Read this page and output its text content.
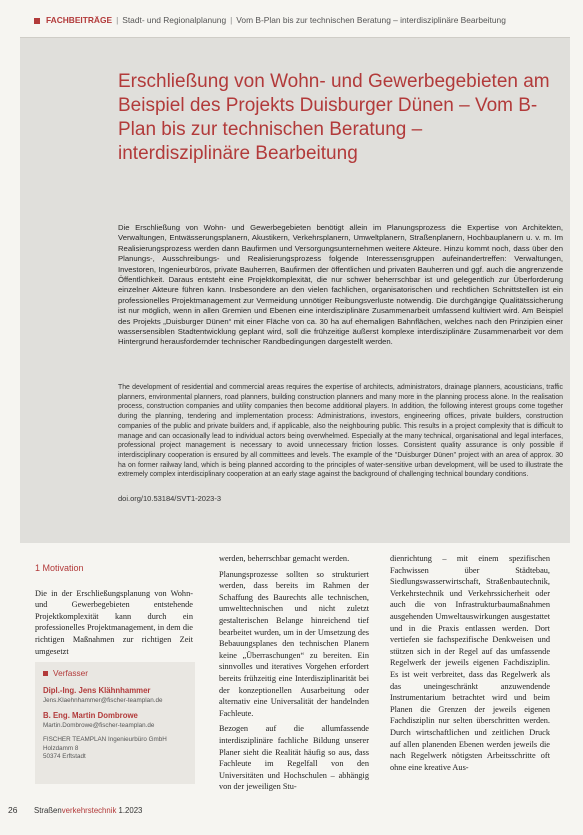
FACHBEITRÄGE | Stadt- und Regionalplanung | Vom B-Plan bis zur technischen Beratung – interdisziplinäre Bearbeitung
Erschließung von Wohn- und Gewerbegebieten am Beispiel des Projekts Duisburger Dünen – Vom B-Plan bis zur technischen Beratung – interdisziplinäre Bearbeitung

Die Erschließung von Wohn- und Gewerbegebieten benötigt allein im Planungsprozess die Expertise von Architekten, Verwaltungen, Entwässerungsplanern, Akustikern, Verkehrsplanern, Umweltplanern, Straßenplanern, Hochbauplanern u. v. m. Im Realisierungsprozess werden dann Baufirmen und Versorgungsunternehmen weitere Akteure. Hinzu kommt noch, dass über den Planungs-, Ausschreibungs- und Realisierungsprozess folgende Interessensgruppen aufeinandertreffen: Verwaltungen, Investoren, Ingenieurbüros, private Bauherren, Baufirmen der öffentlichen und privaten Bauherren und ggf. auch die angrenzende Öffentlichkeit. Daraus entsteht eine Projektkomplexität, die nur schwer beherrschbar ist und gelegentlich zur Überforderung einzelner Akteure führen kann. Insbesondere an den vielen fachlichen, organisatorischen und rechtlichen Schnittstellen ist ein professionelles Projektmanagement zur Vermeidung unnötiger Reibungsverluste notwendig. Die durchgängige Qualitätssicherung ist nur möglich, wenn in allen Gremien und Ebenen eine interdisziplinäre Zusammenarbeit umfassend kultiviert wird. Am Beispiel des Projekts „Duisburger Dünen“ mit einer Fläche von ca. 30 ha auf ehemaligen Bahnflächen, welches nach den Prinzipien einer wassersensiblen Stadtentwicklung geplant wird, soll die frühzeitige äußerst komplexe interdisziplinäre Zusammenarbeit vor dem Hintergrund herausfordernder technischer Randbedingungen dargestellt werden.

The development of residential and commercial areas requires the expertise of architects, administrators, drainage planners, acousticians, traffic planners, environmental planners, road planners, building construction planners and many more in the planning process alone. In the realisation process, construction companies and utility companies then become additional players. In addition, the following interest groups come together during the planning, tendering and implementation process: Administrations, investors, engineering offices, private builders, construction companies of the public and private builders and, if applicable, also the neighbouring public. This results in a project complexity that is difficult to manage and can occasionally lead to individual actors being overwhelmed. Especially at the many technical, organisational and legal interfaces, professional project management is necessary to avoid unnecessary friction losses. Consistent quality assurance is only possible if interdisciplinary cooperation is ensured by all committees and levels. The example of the "Duisburger Dünen" project with an area of approx. 30 ha on former railway land, which is being planned according to the principles of water-sensitive urban development, will be used to illustrate the extremely complex interdisciplinary cooperation at an early stage against the background of challenging technical boundary conditions.

doi.org/10.53184/SVT1-2023-3
1 Motivation

Die in der Erschließungsplanung von Wohn- und Gewerbegebieten entstehende Projektkomplexität kann durch ein professionelles Projektmanagement, in dem die richtigen Maßnahmen zur richtigen Zeit umgesetzt

Verfasser
Dipl.-Ing. Jens Klähnhammer
Jens.Klaehnhammer@fischer-teamplan.de
B. Eng. Martin Dombrowe
Martin.Dombrowe@fischer-teamplan.de
FISCHER TEAMPLAN Ingenieurbüro GmbH
Holzdamm 8
50374 Erftstadt

werden, beherrschbar gemacht werden.

Planungsprozesse sollten so strukturiert werden, dass bereits im Rahmen der Schaffung des Baurechts alle technischen, umwelttechnischen und nicht zuletzt gestalterischen Belange hinreichend tief bearbeitet wurden, um in der Umsetzung des Bebauungsplanes den technischen Planern keine „Überraschungen“ zu bereiten. Ein sinnvolles und iteratives Vorgehen erfordert bereits frühzeitig eine Interdisziplinarität bei der konzeptionellen Ausarbeitung oder alternativ eine Universalität der handelnden Fachleute.

Bezogen auf die allumfassende interdisziplinäre fachliche Bildung unserer Planer sieht die Realität häufig so aus, dass Fachleute im Regelfall von den Universitäten und Hochschulen – abhängig von der jeweiligen Stu-

dienrichtung – mit einem spezifischen Fachwissen über Städtebau, Siedlungswasserwirtschaft, Straßenbautechnik, Verkehrstechnik und Verkehrssicherheit oder auch die von Infrastrukturbaumaßnahmen ausgehenden Umweltauswirkungen ausgestattet und in die Praxis entlassen werden. Dort vertiefen sie fachspezifische Denkweisen und stützen sich in der Regel auf das umfassende Regelwerk der jeweils eigenen Fachdisziplin. Es ist weit verbreitet, dass das Regelwerk als das uneingeschränkt anzuwendende Instrumentarium betrachtet wird und beim Planen die Grenzen der jeweils eigenen Fachdisziplin nur selten überschritten werden. Durch wirtschaftlichen und zeitlichen Druck auf allen planenden Ebenen werden jeweils die nach Regelwerk nötigsten Arbeitsschritte oft ohne eine kreative Aus-

26 Straßenverkehrstechnik 1.2023
